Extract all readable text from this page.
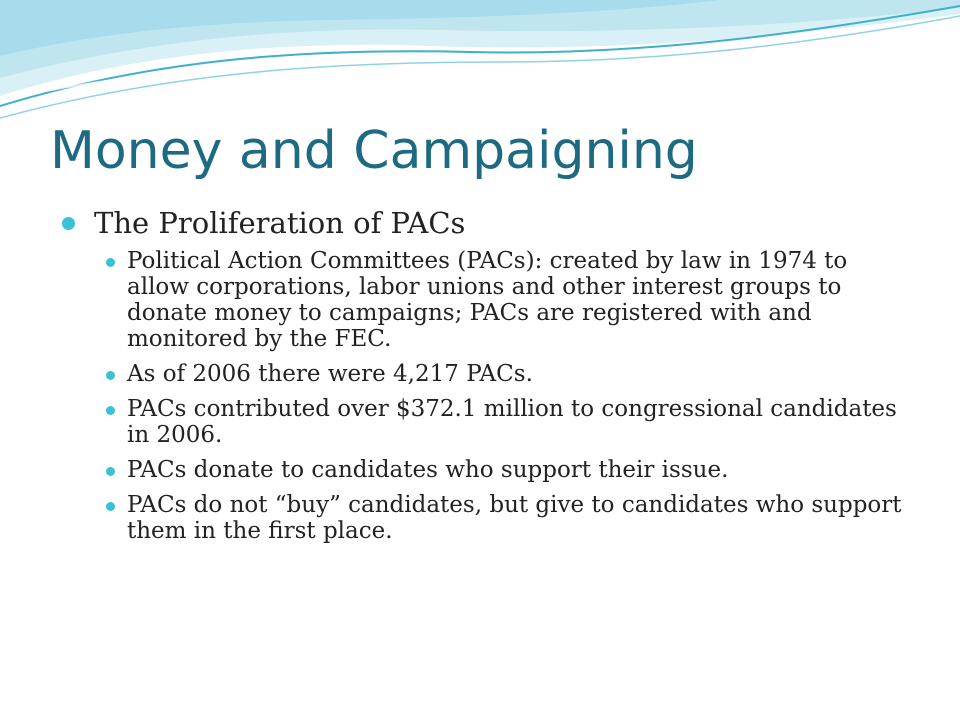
Money and Campaigning
The Proliferation of PACs
Political Action Committees (PACs): created by law in 1974 to allow corporations, labor unions and other interest groups to donate money to campaigns; PACs are registered with and monitored by the FEC.
As of 2006 there were 4,217 PACs.
PACs contributed over $372.1 million to congressional candidates in 2006.
PACs donate to candidates who support their issue.
PACs do not “buy” candidates, but give to candidates who support them in the first place.
